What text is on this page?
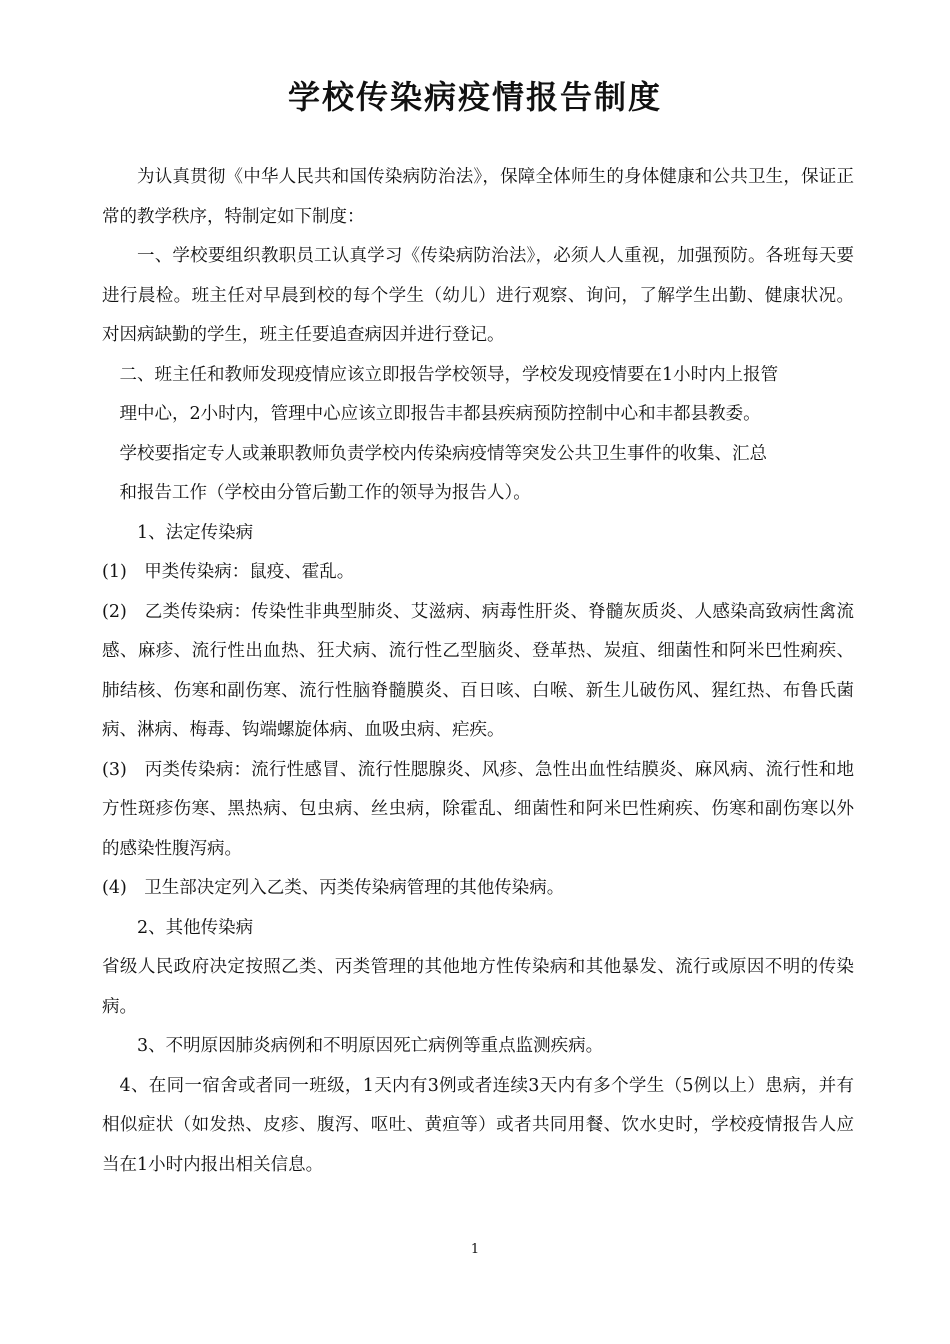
学校传染病疫情报告制度

为认真贯彻《中华人民共和国传染病防治法》，保障全体师生的身体健康和公共卫生，保证正常的教学秩序，特制定如下制度：

一、学校要组织教职员工认真学习《传染病防治法》，必须人人重视，加强预防。各班每天要进行晨检。班主任对早晨到校的每个学生（幼儿）进行观察、询问，了解学生出勤、健康状况。对因病缺勤的学生，班主任要追查病因并进行登记。

二、班主任和教师发现疫情应该立即报告学校领导，学校发现疫情要在1小时内上报管

理中心，2小时内，管理中心应该立即报告丰都县疾病预防控制中心和丰都县教委。

学校要指定专人或兼职教师负责学校内传染病疫情等突发公共卫生事件的收集、汇总

和报告工作（学校由分管后勤工作的领导为报告人）。

1、法定传染病

(1)　甲类传染病：鼠疫、霍乱。

(2)　乙类传染病：传染性非典型肺炎、艾滋病、病毒性肝炎、脊髓灰质炎、人感染高致病性禽流感、麻疹、流行性出血热、狂犬病、流行性乙型脑炎、登革热、炭疽、细菌性和阿米巴性痢疾、肺结核、伤寒和副伤寒、流行性脑脊髓膜炎、百日咳、白喉、新生儿破伤风、猩红热、布鲁氏菌病、淋病、梅毒、钩端螺旋体病、血吸虫病、疟疾。

(3)　丙类传染病：流行性感冒、流行性腮腺炎、风疹、急性出血性结膜炎、麻风病、流行性和地方性斑疹伤寒、黑热病、包虫病、丝虫病，除霍乱、细菌性和阿米巴性痢疾、伤寒和副伤寒以外的感染性腹泻病。

(4)　卫生部决定列入乙类、丙类传染病管理的其他传染病。

2、其他传染病

省级人民政府决定按照乙类、丙类管理的其他地方性传染病和其他暴发、流行或原因不明的传染病。

3、不明原因肺炎病例和不明原因死亡病例等重点监测疾病。

4、在同一宿舍或者同一班级，1天内有3例或者连续3天内有多个学生（5例以上）患病，并有相似症状（如发热、皮疹、腹泻、呕吐、黄疸等）或者共同用餐、饮水史时，学校疫情报告人应当在1小时内报出相关信息。

1
